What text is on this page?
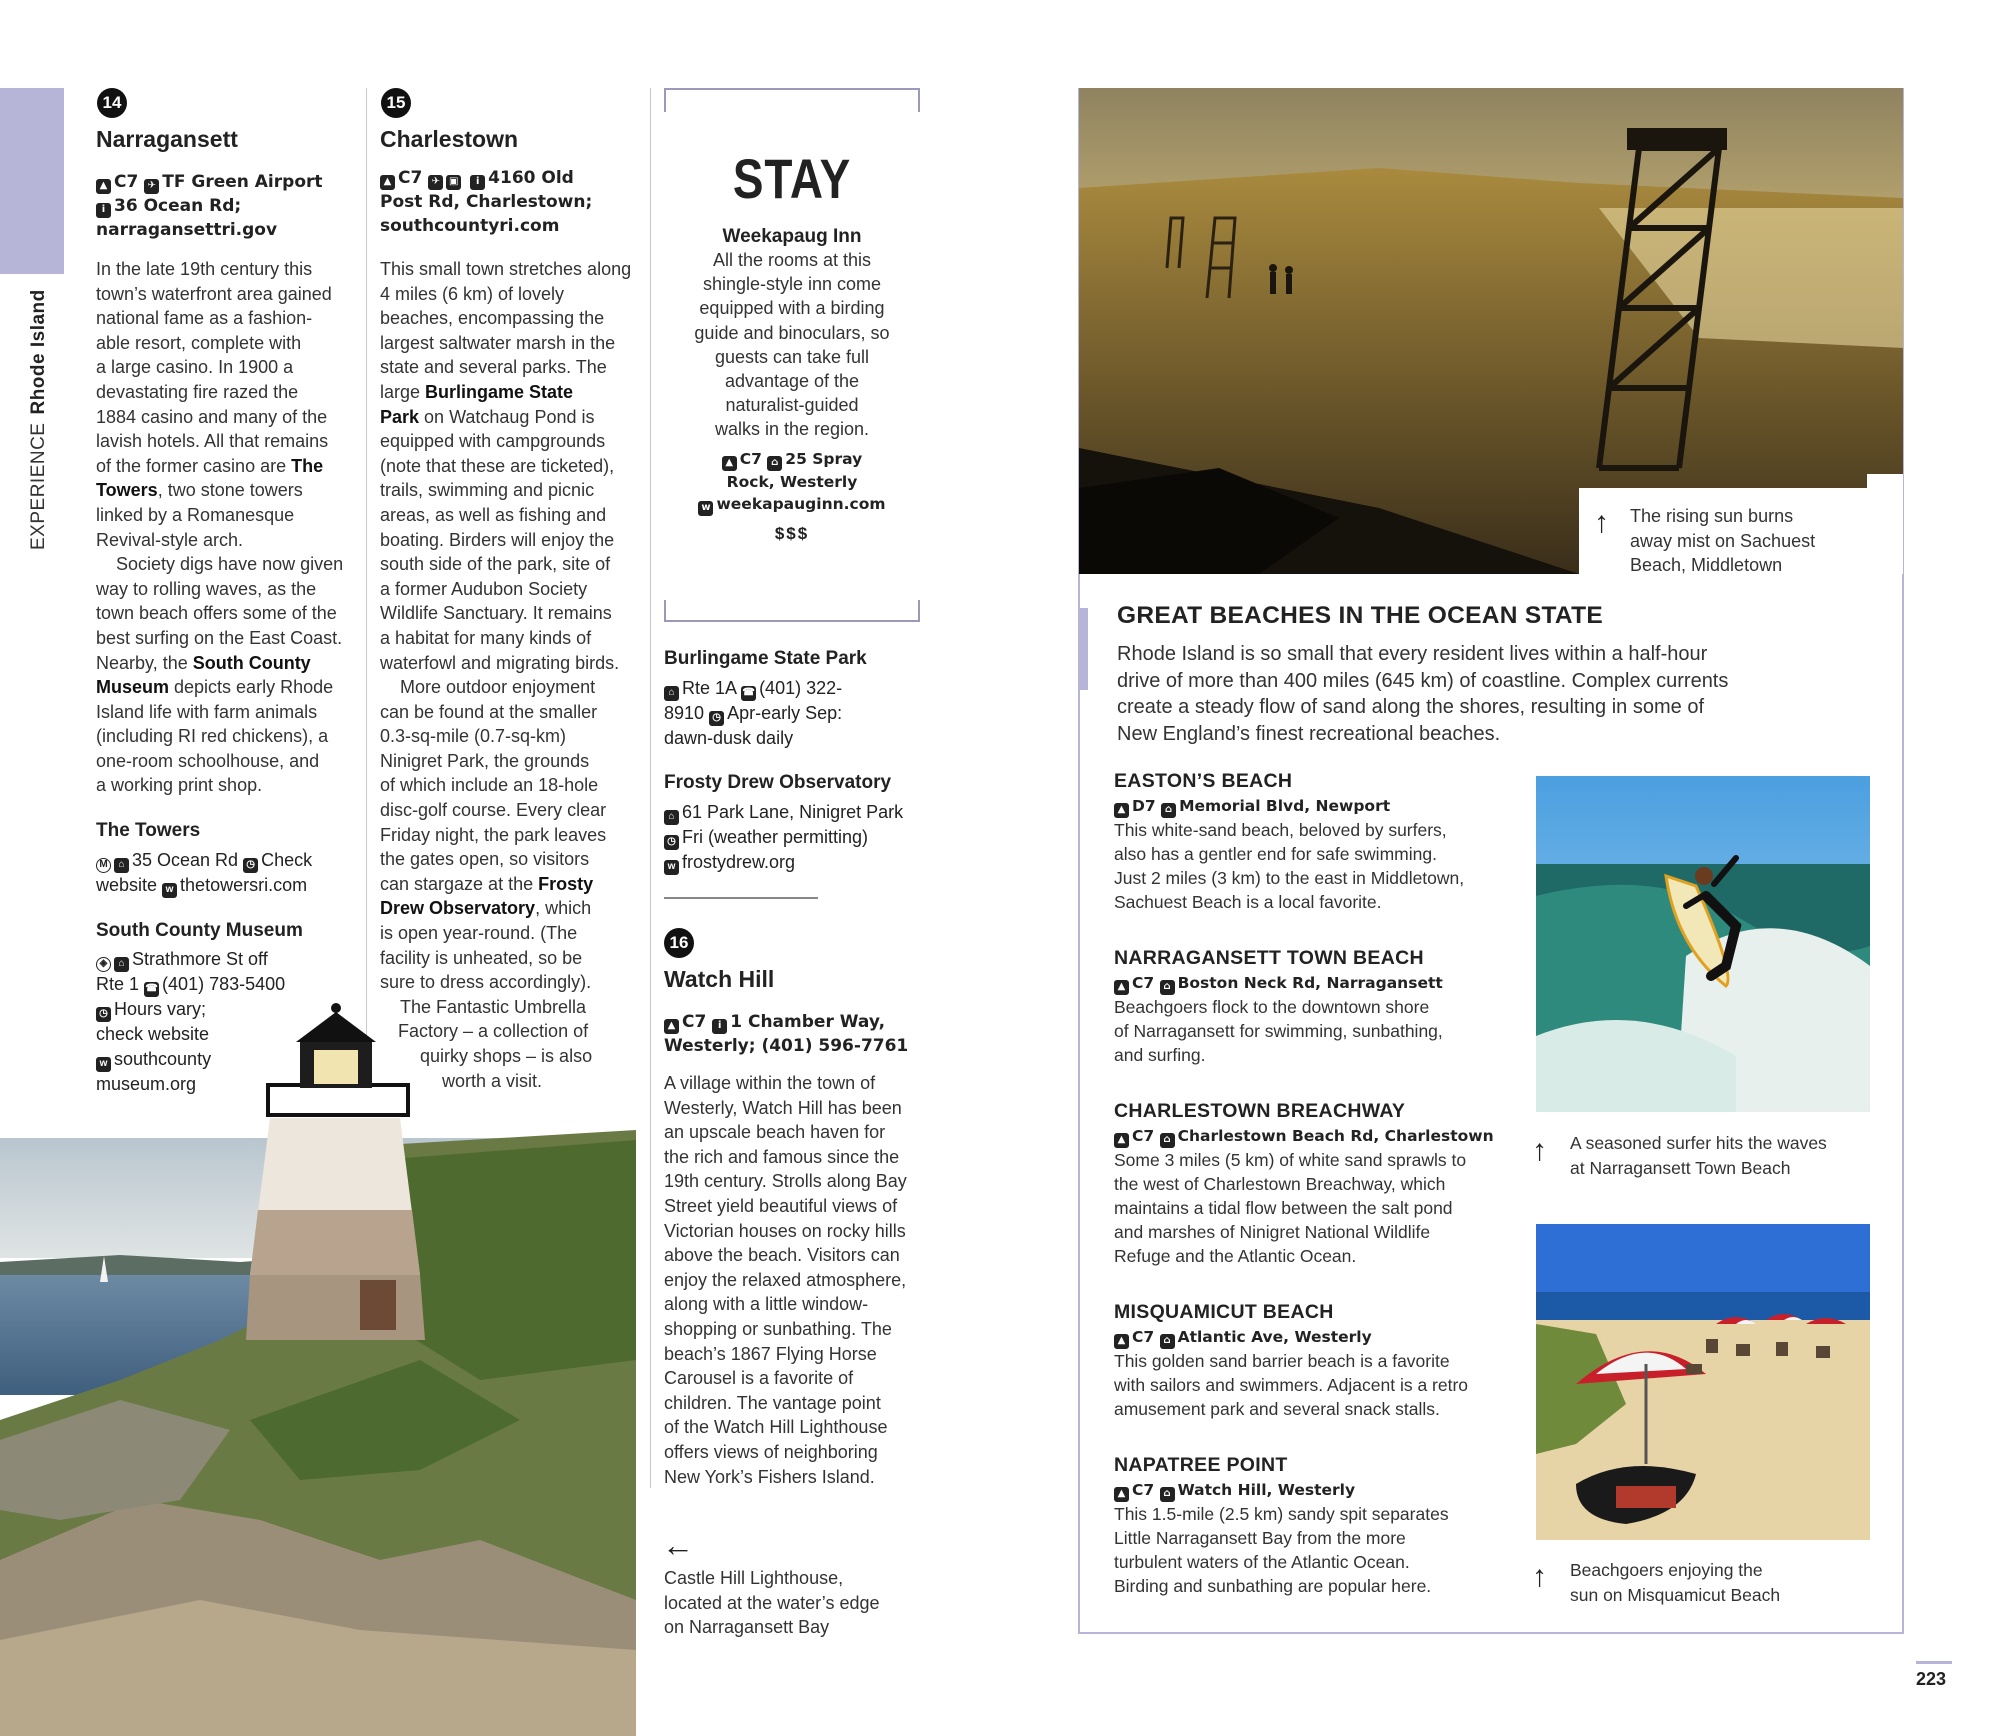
EXPERIENCERhode Island
14
Narragansett
▲ C7 ✈ TF Green Airport
i 36 Ocean Rd;
narragansettri.gov
In the late 19th century this
town’s waterfront area gained
national fame as a fashion-
able resort, complete with
a large casino. In 1900 a
devastating fire razed the
1884 casino and many of the
lavish hotels. All that remains
of the former casino are The
Towers, two stone towers
linked by a Romanesque
Revival-style arch.
Society digs have now given
way to rolling waves, as the
town beach offers some of the
best surfing on the East Coast.
Nearby, the South County
Museum depicts early Rhode
Island life with farm animals
(including RI red chickens), a
one-room schoolhouse, and
a working print shop.
The Towers
M ⌂ 35 Ocean Rd ◷ Check
website w thetowersri.com
South County Museum
◈ ⌂ Strathmore St off
Rte 1 ☎ (401) 783-5400
◷ Hours vary;
check website
w southcounty
museum.org
15
Charlestown
▲ C7 ✈ ▣ i 4160 Old
Post Rd, Charlestown;
southcountyri.com
This small town stretches along
4 miles (6 km) of lovely
beaches, encompassing the
largest saltwater marsh in the
state and several parks. The
large Burlingame State
Park on Watchaug Pond is
equipped with campgrounds
(note that these are ticketed),
trails, swimming and picnic
areas, as well as fishing and
boating. Birders will enjoy the
south side of the park, site of
a former Audubon Society
Wildlife Sanctuary. It remains
a habitat for many kinds of
waterfowl and migrating birds.
More outdoor enjoyment
can be found at the smaller
0.3-sq-mile (0.7-sq-km)
Ninigret Park, the grounds
of which include an 18-hole
disc-golf course. Every clear
Friday night, the park leaves
the gates open, so visitors
can stargaze at the Frosty
Drew Observatory, which
is open year-round. (The
facility is unheated, so be
sure to dress accordingly).
The Fantastic Umbrella
Factory – a collection of
quirky shops – is also
worth a visit.
STAY
Weekapaug Inn
All the rooms at this
shingle-style inn come
equipped with a birding
guide and binoculars, so
guests can take full
advantage of the
naturalist-guided
walks in the region.
▲ C7 ⌂ 25 Spray
Rock, Westerly
w weekapauginn.com
$$$
Burlingame State Park
⌂ Rte 1A ☎ (401) 322-
8910 ◷ Apr-early Sep:
dawn-dusk daily
Frosty Drew Observatory
⌂ 61 Park Lane, Ninigret Park
◷ Fri (weather permitting)
w frostydrew.org
16
Watch Hill
▲ C7 i 1 Chamber Way,
Westerly; (401) 596-7761
A village within the town of
Westerly, Watch Hill has been
an upscale beach haven for
the rich and famous since the
19th century. Strolls along Bay
Street yield beautiful views of
Victorian houses on rocky hills
above the beach. Visitors can
enjoy the relaxed atmosphere,
along with a little window-
shopping or sunbathing. The
beach’s 1867 Flying Horse
Carousel is a favorite of
children. The vantage point
of the Watch Hill Lighthouse
offers views of neighboring
New York’s Fishers Island.
←
Castle Hill Lighthouse,
located at the water’s edge
on Narragansett Bay
↑ The rising sun burns
away mist on Sachuest
Beach, Middletown
GREAT BEACHES IN THE OCEAN STATE
Rhode Island is so small that every resident lives within a half-hour
drive of more than 400 miles (645 km) of coastline. Complex currents
create a steady flow of sand along the shores, resulting in some of
New England’s finest recreational beaches.
EASTON’S BEACH
▲ D7 ⌂ Memorial Blvd, Newport
This white-sand beach, beloved by surfers,
also has a gentler end for safe swimming.
Just 2 miles (3 km) to the east in Middletown,
Sachuest Beach is a local favorite.
NARRAGANSETT TOWN BEACH
▲ C7 ⌂ Boston Neck Rd, Narragansett
Beachgoers flock to the downtown shore
of Narragansett for swimming, sunbathing,
and surfing.
CHARLESTOWN BREACHWAY
▲ C7 ⌂ Charlestown Beach Rd, Charlestown
Some 3 miles (5 km) of white sand sprawls to
the west of Charlestown Breachway, which
maintains a tidal flow between the salt pond
and marshes of Ninigret National Wildlife
Refuge and the Atlantic Ocean.
MISQUAMICUT BEACH
▲ C7 ⌂ Atlantic Ave, Westerly
This golden sand barrier beach is a favorite
with sailors and swimmers. Adjacent is a retro
amusement park and several snack stalls.
NAPATREE POINT
▲ C7 ⌂ Watch Hill, Westerly
This 1.5-mile (2.5 km) sandy spit separates
Little Narragansett Bay from the more
turbulent waters of the Atlantic Ocean.
Birding and sunbathing are popular here.
↑ A seasoned surfer hits the waves
at Narragansett Town Beach
↑ Beachgoers enjoying the
sun on Misquamicut Beach
223
